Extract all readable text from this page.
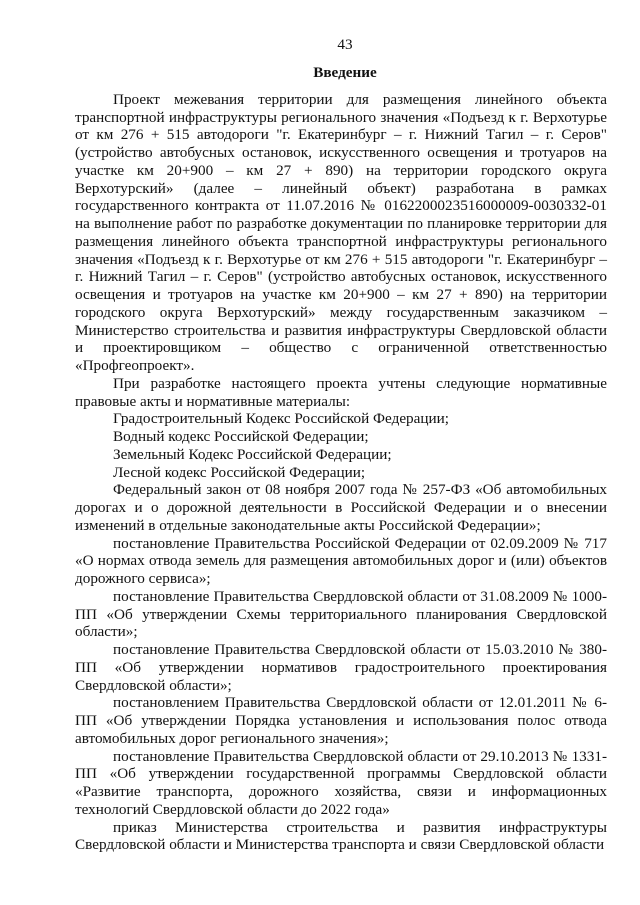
43
Введение

Проект межевания территории для размещения линейного объекта транспортной инфраструктуры регионального значения «Подъезд к г. Верхотурье от км 276 + 515 автодороги "г. Екатеринбург – г. Нижний Тагил – г. Серов" (устройство автобусных остановок, искусственного освещения и тротуаров на участке км 20+900 – км 27 + 890) на территории городского округа Верхотурский» (далее – линейный объект) разработана в рамках государственного контракта от 11.07.2016 № 0162200023516000009-0030332-01 на выполнение работ по разработке документации по планировке территории для размещения линейного объекта транспортной инфраструктуры регионального значения «Подъезд к г. Верхотурье от км 276 + 515 автодороги "г. Екатеринбург – г. Нижний Тагил – г. Серов" (устройство автобусных остановок, искусственного освещения и тротуаров на участке км 20+900 – км 27 + 890) на территории городского округа Верхотурский» между государственным заказчиком – Министерство строительства и развития инфраструктуры Свердловской области и проектировщиком – общество с ограниченной ответственностью «Профгеопроект».

При разработке настоящего проекта учтены следующие нормативные правовые акты и нормативные материалы:

Градостроительный Кодекс Российской Федерации;

Водный кодекс Российской Федерации;

Земельный Кодекс Российской Федерации;

Лесной кодекс Российской Федерации;

Федеральный закон от 08 ноября 2007 года № 257-ФЗ «Об автомобильных дорогах и о дорожной деятельности в Российской Федерации и о внесении изменений в отдельные законодательные акты Российской Федерации»;

постановление Правительства Российской Федерации от 02.09.2009 № 717 «О нормах отвода земель для размещения автомобильных дорог и (или) объектов дорожного сервиса»;

постановление Правительства Свердловской области от 31.08.2009 № 1000-ПП «Об утверждении Схемы территориального планирования Свердловской области»;

постановление Правительства Свердловской области от 15.03.2010 № 380-ПП «Об утверждении нормативов градостроительного проектирования Свердловской области»;

постановлением Правительства Свердловской области от 12.01.2011 № 6-ПП «Об утверждении Порядка установления и использования полос отвода автомобильных дорог регионального значения»;

постановление Правительства Свердловской области от 29.10.2013 № 1331-ПП «Об утверждении государственной программы Свердловской области «Развитие транспорта, дорожного хозяйства, связи и информационных технологий Свердловской области до 2022 года»

приказ Министерства строительства и развития инфраструктуры Свердловской области и Министерства транспорта и связи Свердловской области
